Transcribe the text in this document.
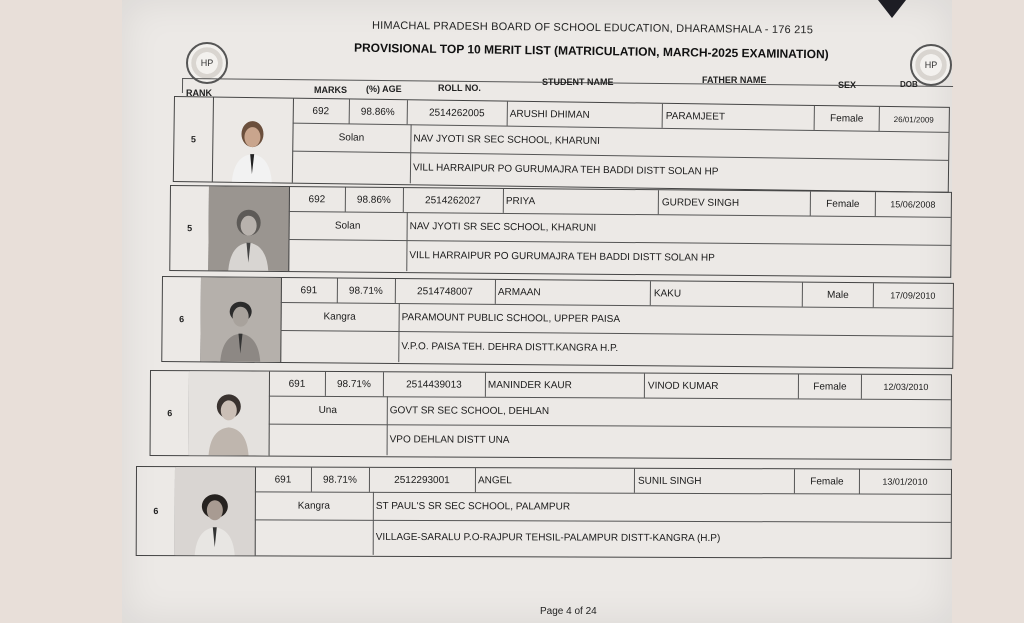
HP	HP
HIMACHAL PRADESH BOARD OF SCHOOL EDUCATION, DHARAMSHALA - 176 215
PROVISIONAL TOP 10 MERIT LIST (MATRICULATION, MARCH-2025 EXAMINATION)
RANK	MARKS (%) AGE	ROLL NO.
STUDENT NAME	FATHER NAME	SEX	DOB
5
692	98.86%	2514262005	ARUSHI DHIMAN	PARAMJEET	Female	26/01/2009
Solan	NAV JYOTI SR SEC SCHOOL, KHARUNI
VILL HARRAIPUR PO GURUMAJRA TEH BADDI DISTT SOLAN HP
5
692	98.86%	2514262027	PRIYA	GURDEV SINGH	Female	15/06/2008
Solan	NAV JYOTI SR SEC SCHOOL, KHARUNI
VILL HARRAIPUR PO GURUMAJRA TEH BADDI DISTT SOLAN HP
6
691	98.71%	2514748007	ARMAAN	KAKU	Male	17/09/2010
Kangra	PARAMOUNT PUBLIC SCHOOL, UPPER PAISA
V.P.O. PAISA TEH. DEHRA DISTT.KANGRA H.P.
6
691	98.71%	2514439013	MANINDER KAUR	VINOD KUMAR	Female	12/03/2010
Una	GOVT SR SEC SCHOOL, DEHLAN
VPO DEHLAN DISTT UNA
6
691	98.71%	2512293001	ANGEL	SUNIL SINGH	Female	13/01/2010
Kangra	ST PAUL'S SR SEC SCHOOL, PALAMPUR
VILLAGE-SARALU P.O-RAJPUR TEHSIL-PALAMPUR DISTT-KANGRA (H.P)
Page 4 of 24
